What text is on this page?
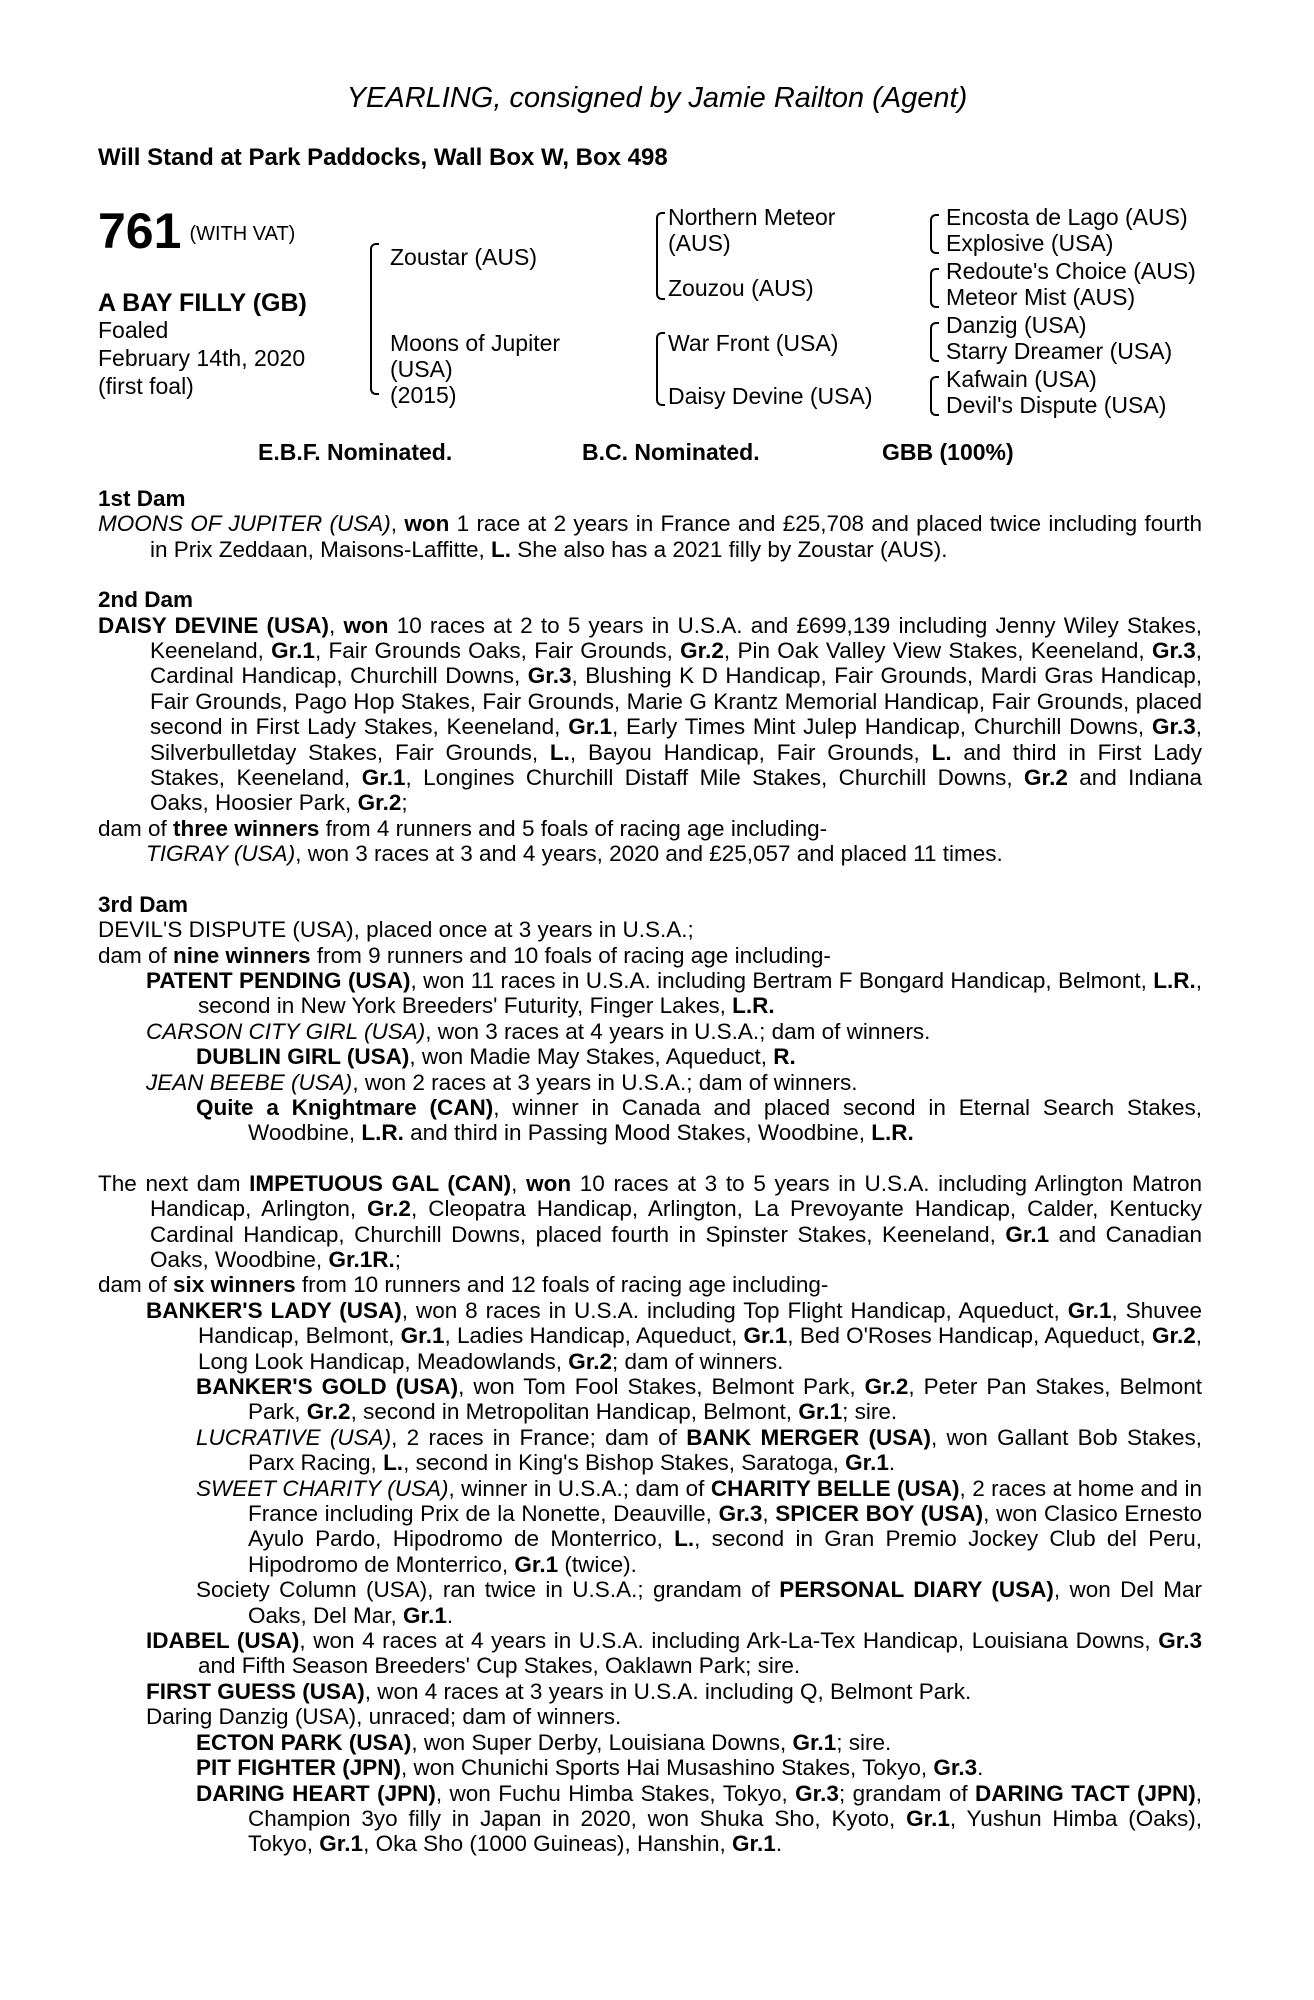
YEARLING, consigned by Jamie Railton (Agent)
Will Stand at Park Paddocks, Wall Box W, Box 498
761 (WITH VAT)
A BAY FILLY (GB)
Foaled
February 14th, 2020
(first foal)
Zoustar (AUS)
Moons of Jupiter
(USA)
(2015)
Northern Meteor
(AUS)
Zouzou (AUS)
War Front (USA)
Daisy Devine (USA)
Encosta de Lago (AUS)
Explosive (USA)
Redoute's Choice (AUS)
Meteor Mist (AUS)
Danzig (USA)
Starry Dreamer (USA)
Kafwain (USA)
Devil's Dispute (USA)
E.B.F. Nominated.	B.C. Nominated.	GBB (100%)
1st Dam
MOONS OF JUPITER (USA), won 1 race at 2 years in France and £25,708 and placed twice including fourth in Prix Zeddaan, Maisons-Laffitte, L. She also has a 2021 filly by Zoustar (AUS).
2nd Dam
DAISY DEVINE (USA), won 10 races at 2 to 5 years in U.S.A. and £699,139 including Jenny Wiley Stakes, Keeneland, Gr.1, Fair Grounds Oaks, Fair Grounds, Gr.2, Pin Oak Valley View Stakes, Keeneland, Gr.3, Cardinal Handicap, Churchill Downs, Gr.3, Blushing K D Handicap, Fair Grounds, Mardi Gras Handicap, Fair Grounds, Pago Hop Stakes, Fair Grounds, Marie G Krantz Memorial Handicap, Fair Grounds, placed second in First Lady Stakes, Keeneland, Gr.1, Early Times Mint Julep Handicap, Churchill Downs, Gr.3, Silverbulletday Stakes, Fair Grounds, L., Bayou Handicap, Fair Grounds, L. and third in First Lady Stakes, Keeneland, Gr.1, Longines Churchill Distaff Mile Stakes, Churchill Downs, Gr.2 and Indiana Oaks, Hoosier Park, Gr.2;
dam of three winners from 4 runners and 5 foals of racing age including-
TIGRAY (USA), won 3 races at 3 and 4 years, 2020 and £25,057 and placed 11 times.
3rd Dam
DEVIL'S DISPUTE (USA), placed once at 3 years in U.S.A.;
dam of nine winners from 9 runners and 10 foals of racing age including-
PATENT PENDING (USA), won 11 races in U.S.A. including Bertram F Bongard Handicap, Belmont, L.R., second in New York Breeders' Futurity, Finger Lakes, L.R.
CARSON CITY GIRL (USA), won 3 races at 4 years in U.S.A.; dam of winners.
DUBLIN GIRL (USA), won Madie May Stakes, Aqueduct, R.
JEAN BEEBE (USA), won 2 races at 3 years in U.S.A.; dam of winners.
Quite a Knightmare (CAN), winner in Canada and placed second in Eternal Search Stakes, Woodbine, L.R. and third in Passing Mood Stakes, Woodbine, L.R.
The next dam IMPETUOUS GAL (CAN), won 10 races at 3 to 5 years in U.S.A. including Arlington Matron Handicap, Arlington, Gr.2, Cleopatra Handicap, Arlington, La Prevoyante Handicap, Calder, Kentucky Cardinal Handicap, Churchill Downs, placed fourth in Spinster Stakes, Keeneland, Gr.1 and Canadian Oaks, Woodbine, Gr.1R.;
dam of six winners from 10 runners and 12 foals of racing age including-
BANKER'S LADY (USA), won 8 races in U.S.A. including Top Flight Handicap, Aqueduct, Gr.1, Shuvee Handicap, Belmont, Gr.1, Ladies Handicap, Aqueduct, Gr.1, Bed O'Roses Handicap, Aqueduct, Gr.2, Long Look Handicap, Meadowlands, Gr.2; dam of winners.
BANKER'S GOLD (USA), won Tom Fool Stakes, Belmont Park, Gr.2, Peter Pan Stakes, Belmont Park, Gr.2, second in Metropolitan Handicap, Belmont, Gr.1; sire.
LUCRATIVE (USA), 2 races in France; dam of BANK MERGER (USA), won Gallant Bob Stakes, Parx Racing, L., second in King's Bishop Stakes, Saratoga, Gr.1.
SWEET CHARITY (USA), winner in U.S.A.; dam of CHARITY BELLE (USA), 2 races at home and in France including Prix de la Nonette, Deauville, Gr.3, SPICER BOY (USA), won Clasico Ernesto Ayulo Pardo, Hipodromo de Monterrico, L., second in Gran Premio Jockey Club del Peru, Hipodromo de Monterrico, Gr.1 (twice).
Society Column (USA), ran twice in U.S.A.; grandam of PERSONAL DIARY (USA), won Del Mar Oaks, Del Mar, Gr.1.
IDABEL (USA), won 4 races at 4 years in U.S.A. including Ark-La-Tex Handicap, Louisiana Downs, Gr.3 and Fifth Season Breeders' Cup Stakes, Oaklawn Park; sire.
FIRST GUESS (USA), won 4 races at 3 years in U.S.A. including Q, Belmont Park.
Daring Danzig (USA), unraced; dam of winners.
ECTON PARK (USA), won Super Derby, Louisiana Downs, Gr.1; sire.
PIT FIGHTER (JPN), won Chunichi Sports Hai Musashino Stakes, Tokyo, Gr.3.
DARING HEART (JPN), won Fuchu Himba Stakes, Tokyo, Gr.3; grandam of DARING TACT (JPN), Champion 3yo filly in Japan in 2020, won Shuka Sho, Kyoto, Gr.1, Yushun Himba (Oaks), Tokyo, Gr.1, Oka Sho (1000 Guineas), Hanshin, Gr.1.
